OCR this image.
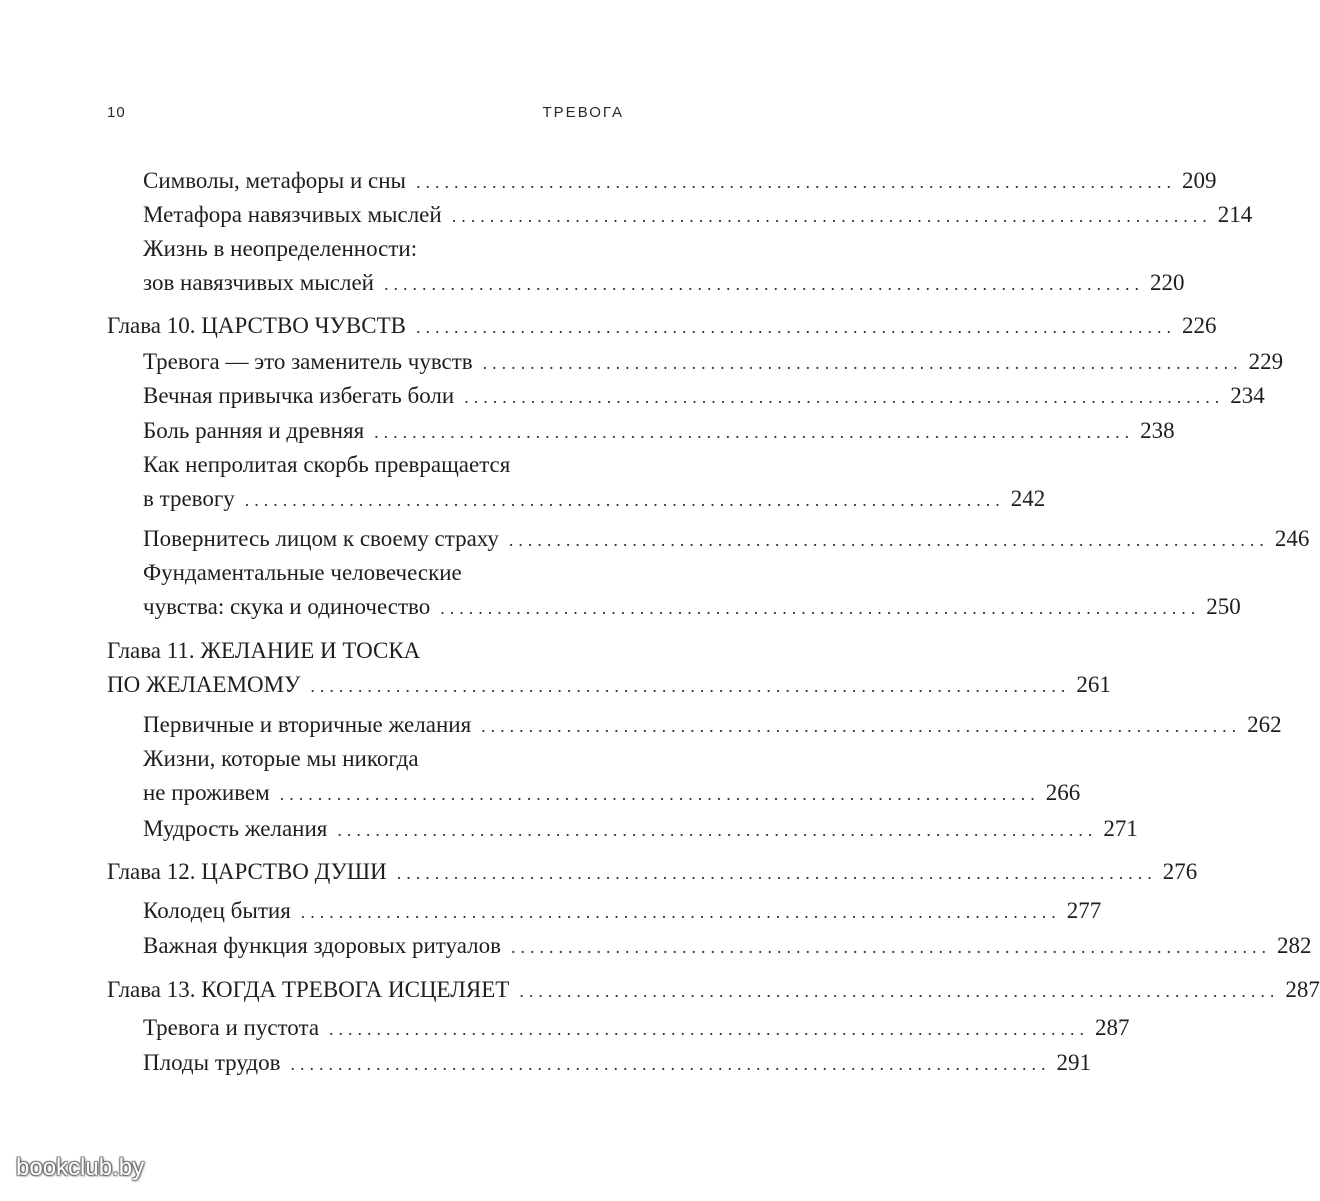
10	ТРЕВОГА
Символы, метафоры и сны ................................................................................ 209
Метафора навязчивых мыслей ................................................................................ 214
Жизнь в неопределенности:
зов навязчивых мыслей ................................................................................ 220
Глава 10. ЦАРСТВО ЧУВСТВ ................................................................................ 226
Тревога — это заменитель чувств ................................................................................ 229
Вечная привычка избегать боли ................................................................................ 234
Боль ранняя и древняя ................................................................................ 238
Как непролитая скорбь превращается
в тревогу ................................................................................ 242
Повернитесь лицом к своему страху ................................................................................ 246
Фундаментальные человеческие
чувства: скука и одиночество ................................................................................ 250
Глава 11. ЖЕЛАНИЕ И ТОСКА
ПО ЖЕЛАЕМОМУ ................................................................................ 261
Первичные и вторичные желания ................................................................................ 262
Жизни, которые мы никогда
не проживем ................................................................................ 266
Мудрость желания ................................................................................ 271
Глава 12. ЦАРСТВО ДУШИ ................................................................................ 276
Колодец бытия ................................................................................ 277
Важная функция здоровых ритуалов ................................................................................ 282
Глава 13. КОГДА ТРЕВОГА ИСЦЕЛЯЕТ ................................................................................ 287
Тревога и пустота ................................................................................ 287
Плоды трудов ................................................................................ 291
bookclub.by
